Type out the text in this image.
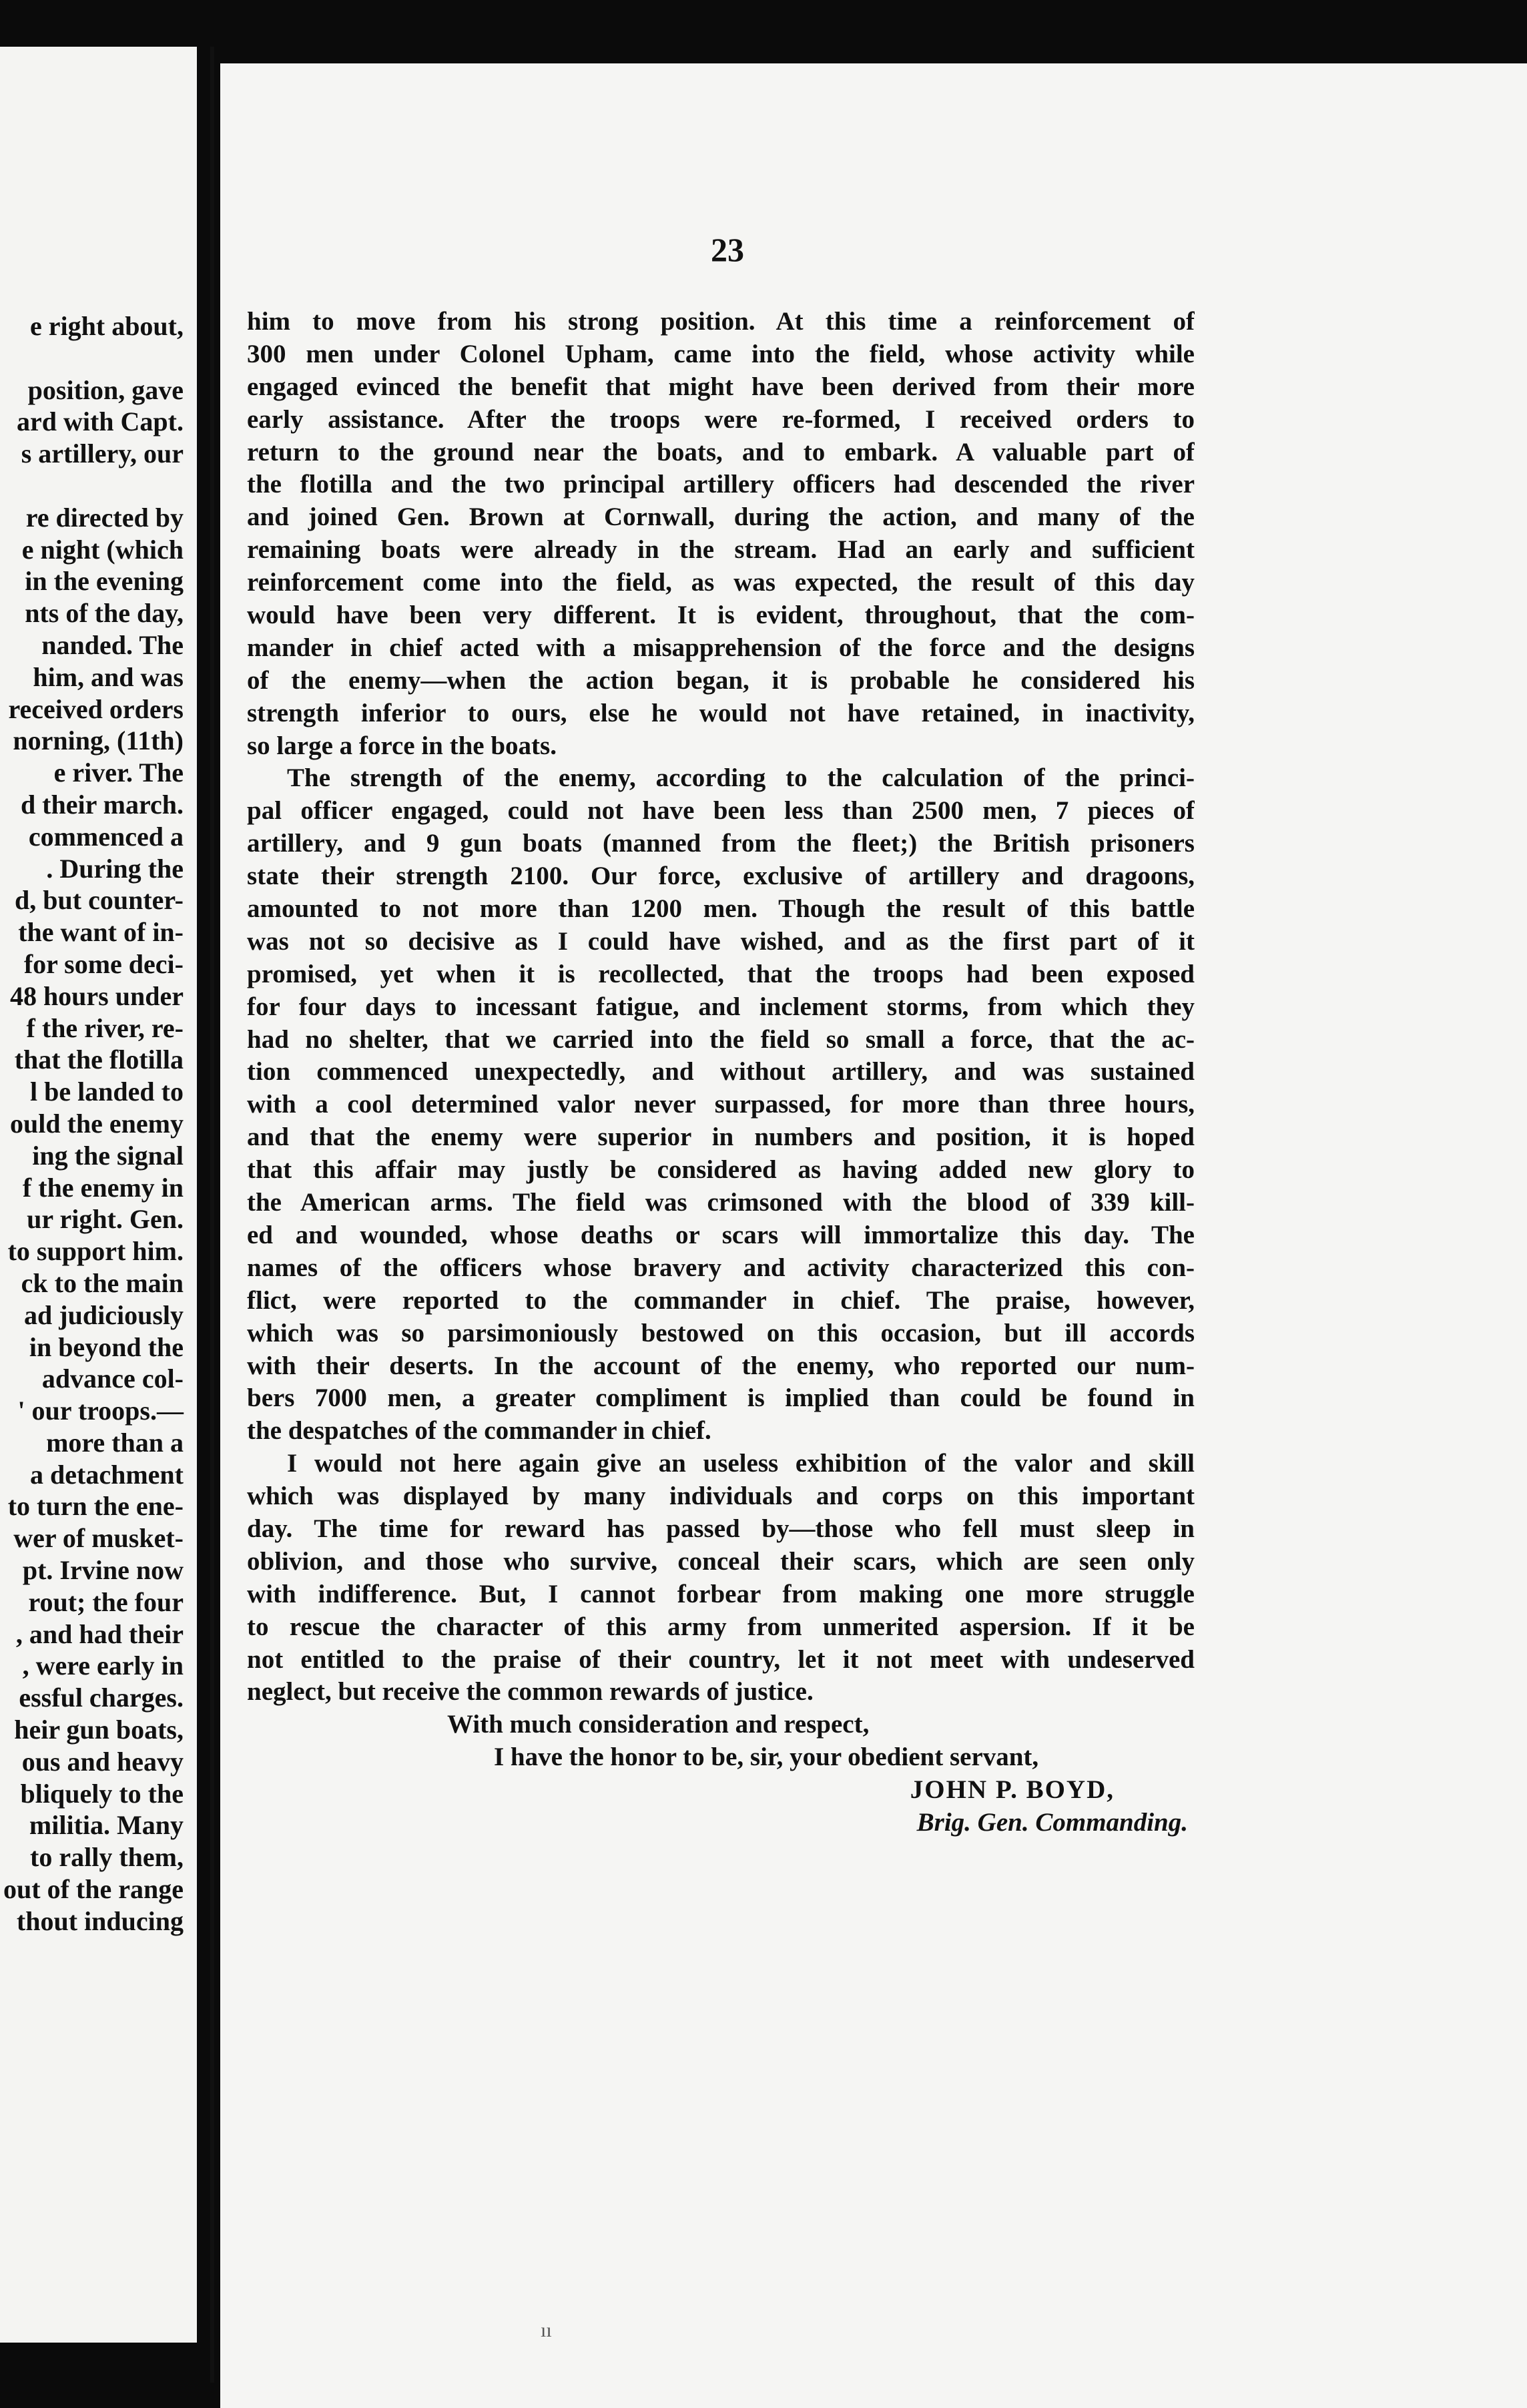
e right about,
position, gave
ard with Capt.
s artillery, our
re directed by
e night (which
in the evening
nts of the day,
nanded. The
him, and was
received orders
norning, (11th)
e river. The
d their march.
commenced a
. During the
d, but counter-
the want of in-
for some deci-
48 hours under
f the river, re-
that the flotilla
l be landed to
ould the enemy
ing the signal
f the enemy in
ur right. Gen.
to support him.
ck to the main
ad judiciously
in beyond the
advance col-
' our troops.—
more than a
a detachment
to turn the ene-
wer of musket-
pt. Irvine now
rout; the four
, and had their
, were early in
essful charges.
heir gun boats,
ous and heavy
bliquely to the
militia. Many
to rally them,
out of the range
thout inducing
23
him to move from his strong position. At this time a reinforcement of
300 men under Colonel Upham, came into the field, whose activity while
engaged evinced the benefit that might have been derived from their more
early assistance. After the troops were re-formed, I received orders to
return to the ground near the boats, and to embark. A valuable part of
the flotilla and the two principal artillery officers had descended the river
and joined Gen. Brown at Cornwall, during the action, and many of the
remaining boats were already in the stream. Had an early and sufficient
reinforcement come into the field, as was expected, the result of this day
would have been very different. It is evident, throughout, that the com-
mander in chief acted with a misapprehension of the force and the designs
of the enemy—when the action began, it is probable he considered his
strength inferior to ours, else he would not have retained, in inactivity,
so large a force in the boats.
The strength of the enemy, according to the calculation of the princi-
pal officer engaged, could not have been less than 2500 men, 7 pieces of
artillery, and 9 gun boats (manned from the fleet;) the British prisoners
state their strength 2100. Our force, exclusive of artillery and dragoons,
amounted to not more than 1200 men. Though the result of this battle
was not so decisive as I could have wished, and as the first part of it
promised, yet when it is recollected, that the troops had been exposed
for four days to incessant fatigue, and inclement storms, from which they
had no shelter, that we carried into the field so small a force, that the ac-
tion commenced unexpectedly, and without artillery, and was sustained
with a cool determined valor never surpassed, for more than three hours,
and that the enemy were superior in numbers and position, it is hoped
that this affair may justly be considered as having added new glory to
the American arms. The field was crimsoned with the blood of 339 kill-
ed and wounded, whose deaths or scars will immortalize this day. The
names of the officers whose bravery and activity characterized this con-
flict, were reported to the commander in chief. The praise, however,
which was so parsimoniously bestowed on this occasion, but ill accords
with their deserts. In the account of the enemy, who reported our num-
bers 7000 men, a greater compliment is implied than could be found in
the despatches of the commander in chief.
I would not here again give an useless exhibition of the valor and skill
which was displayed by many individuals and corps on this important
day. The time for reward has passed by—those who fell must sleep in
oblivion, and those who survive, conceal their scars, which are seen only
with indifference. But, I cannot forbear from making one more struggle
to rescue the character of this army from unmerited aspersion. If it be
not entitled to the praise of their country, let it not meet with undeserved
neglect, but receive the common rewards of justice.
With much consideration and respect,
I have the honor to be, sir, your obedient servant,
JOHN P. BOYD,
Brig. Gen. Commanding.
ıı
